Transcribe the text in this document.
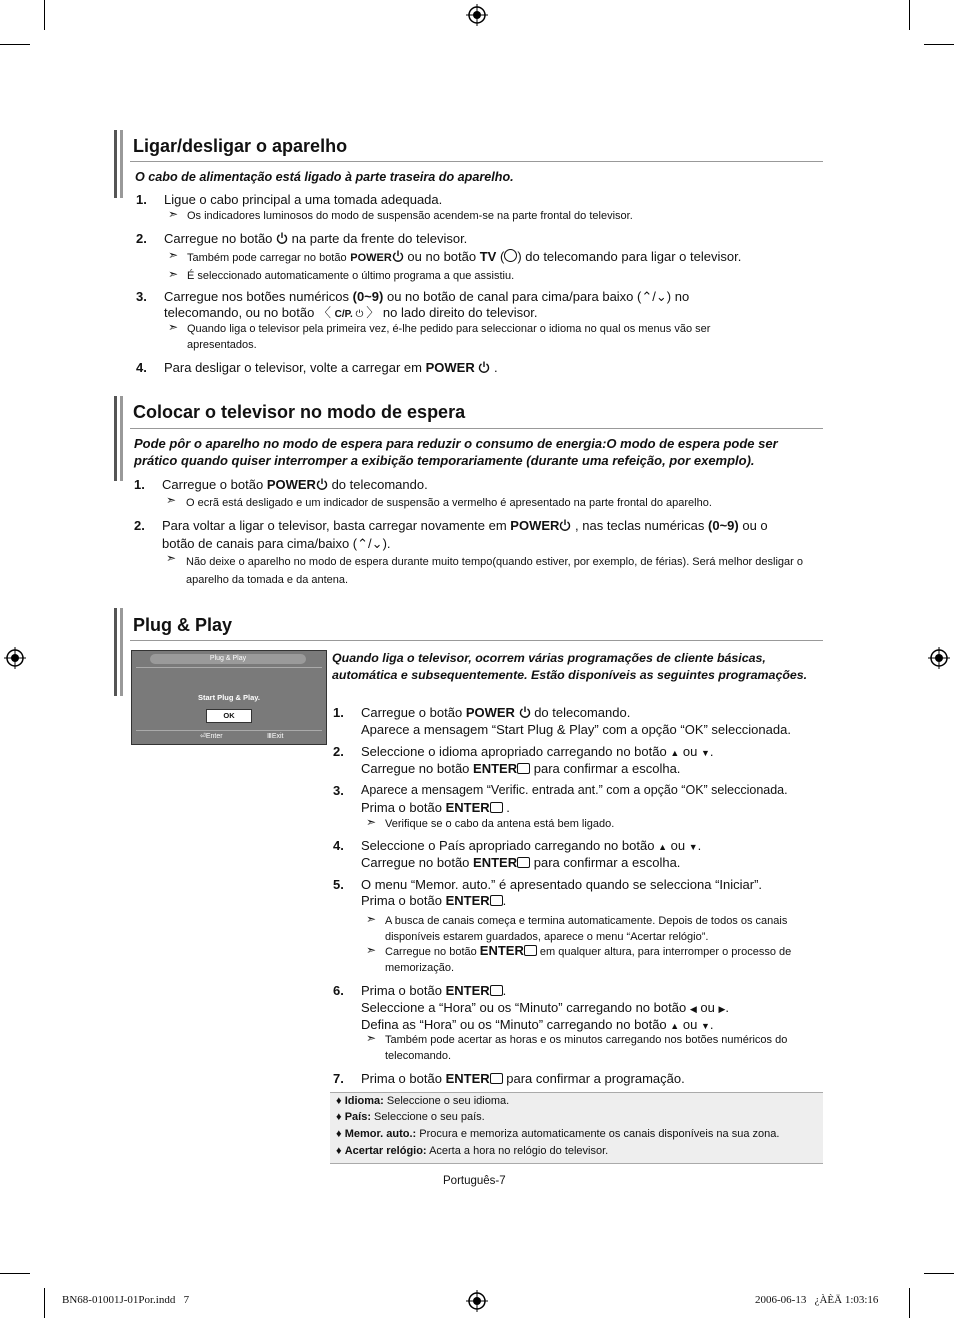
Ligar/desligar o aparelho
O cabo de alimentação está ligado à parte traseira do aparelho.
1. Ligue o cabo principal a uma tomada adequada.
➣ Os indicadores luminosos do modo de suspensão acendem-se na parte frontal do televisor.
2. Carregue no botão na parte da frente do televisor.
➣ Também pode carregar no botão POWER ou no botão TV ( ) do telecomando para ligar o televisor.
➣ É seleccionado automaticamente o último programa a que assistiu.
3. Carregue nos botões numéricos (0~9) ou no botão de canal para cima/para baixo (⌃/⌄) no
telecomando, ou no botão 〈 C/P. ⏻ 〉 no lado direito do televisor.
➣ Quando liga o televisor pela primeira vez, é-lhe pedido para seleccionar o idioma no qual os menus vão ser apresentados.
4. Para desligar o televisor, volte a carregar em POWER  .
Colocar o televisor no modo de espera
Pode pôr o aparelho no modo de espera para reduzir o consumo de energia:O modo de espera pode ser prático quando quiser interromper a exibição temporariamente (durante uma refeição, por exemplo).
1. Carregue o botão POWER do telecomando.
➣ O ecrã está desligado e um indicador de suspensão a vermelho é apresentado na parte frontal do aparelho.
2. Para voltar a ligar o televisor, basta carregar novamente em POWER , nas teclas numéricas (0~9) ou o
botão de canais para cima/baixo (⌃/⌄).
➣ Não deixe o aparelho no modo de espera durante muito tempo(quando estiver, por exemplo, de férias). Será melhor desligar o aparelho da tomada e da antena.
Plug & Play
Plug & Play
Start Plug & Play.
OK
⏎Enter	ⅢExit
Quando liga o televisor, ocorrem várias programações de cliente básicas, automática e subsequentemente. Estão disponíveis as seguintes programações.
1. Carregue o botão POWER do telecomando.
Aparece a mensagem “Start Plug & Play” com a opção “OK” seleccionada.
2. Seleccione o idioma apropriado carregando no botão ▲ ou ▼.
Carregue no botão ENTER para confirmar a escolha.
3. Aparece a mensagem “Verific. entrada ant.” com a opção “OK” seleccionada.
Prima o botão ENTER .
➣ Verifique se o cabo da antena está bem ligado.
4. Seleccione o País apropriado carregando no botão ▲ ou ▼.
Carregue no botão ENTER para confirmar a escolha.
5. O menu “Memor. auto.” é apresentado quando se selecciona “Iniciar”.
Prima o botão ENTER .
➣ A busca de canais começa e termina automaticamente. Depois de todos os canais disponíveis estarem guardados, aparece o menu “Acertar relógio”.
➣ Carregue no botão ENTER em qualquer altura, para interromper o processo de memorização.
6. Prima o botão ENTER .
Seleccione a “Hora” ou os “Minuto” carregando no botão ◀ ou ▶.
Defina as “Hora” ou os “Minuto” carregando no botão ▲ ou ▼.
➣ Também pode acertar as horas e os minutos carregando nos botões numéricos do telecomando.
7. Prima o botão ENTER para confirmar a programação.
♦ Idioma: Seleccione o seu idioma.
♦ País: Seleccione o seu país.
♦ Memor. auto.: Procura e memoriza automaticamente os canais disponíveis na sua zona.
♦ Acertar relógio: Acerta a hora no relógio do televisor.
Português-7
BN68-01001J-01Por.indd   7	2006-06-13   ¿ÀÈÄ 1:03:16
